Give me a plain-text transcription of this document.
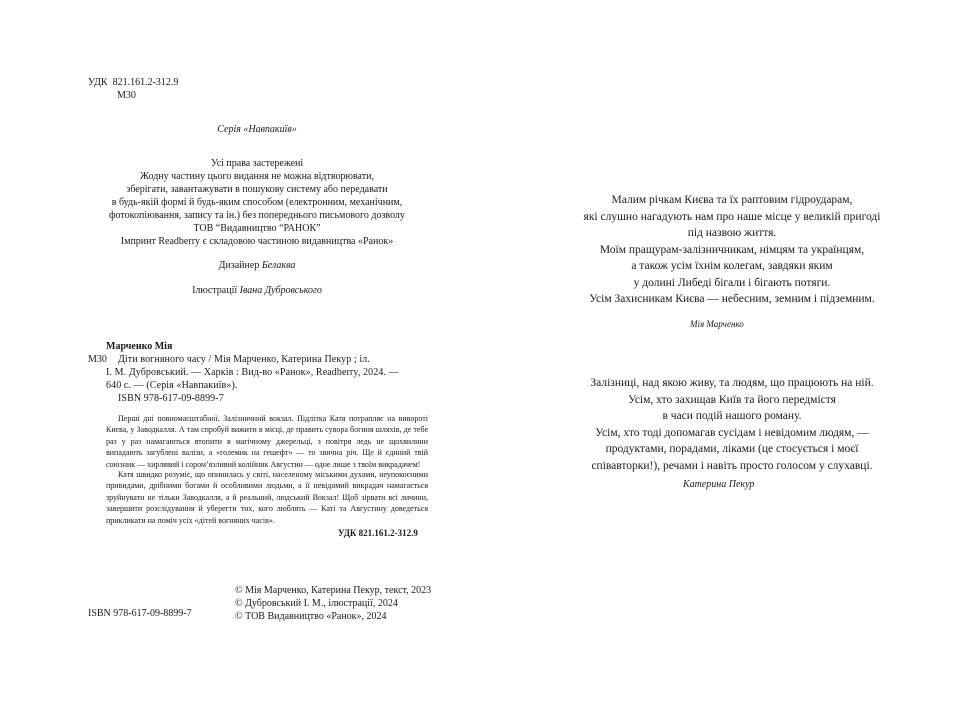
УДК 821.161.2-312.9
М30
Серія «Навпакиїв»
Усі права застережені
Жодну частину цього видання не можна відтворювати,
зберігати, завантажувати в пошукову систему або передавати
в будь-якій формі й будь-яким способом (електронним, механічним,
фотокопіювання, запису та ін.) без попереднього письмового дозволу
ТОВ “Видавництво “РАНОК”
Імпринт Readberry є складовою частиною видавництва «Ранок»
Дизайнер Белаква
Ілюстрації Івана Дубровського
Марченко Мія
М30	Діти вогняного часу / Мія Марченко, Катерина Пекур ; іл.
І. М. Дубровський. — Харків : Вид-во «Ранок», Readberry, 2024. —
640 с. — (Серія «Навпакиїв»).
ISBN 978-617-09-8899-7
Перші дні повномасштабної. Залізничний вокзал. Підлітка Катя потрапляє на вивороті Києва, у Заводкалля. А там спробуй вижити в місці, де править сувора богиня шляхів, де тебе раз у раз намагаються втопити в магічному джерельці, з повітря ледь не щохвилини випадають загублені валізи, а «големик на гешефт» — то звична річ. Ще й єдиний твій союзник — хирлявий і сором’язливий колійник Августин — одне лише з твоїм викрадачем!
Катя швидко розуміє, що опинилась у світі, населеному міськими духами, неупокоєними привидами, дрібними богами й особливими людьми, а її невідомий викрадач намагається зруйнувати не тільки Заводкалля, а й реальний, людський Вокзал! Щоб зірвати всі личини, завершити розслідування й уберегти тих, кого люблять — Каті та Августину доведеться прикликати на поміч усіх «дітей вогняних часів».
УДК 821.161.2-312.9
ISBN 978-617-09-8899-7
© Мія Марченко, Катерина Пекур, текст, 2023
© Дубровський І. М., ілюстрації, 2024
© ТОВ Видавництво «Ранок», 2024
Малим річкам Києва та їх раптовим гідроударам,
які слушно нагадують нам про наше місце у великій пригоді
під назвою життя.
Моїм пращурам-залізничникам, німцям та українцям,
а також усім їхнім колегам, завдяки яким
у долині Либеді бігали і бігають потяги.
Усім Захисникам Києва — небесним, земним і підземним.
Мія Марченко
Залізниці, над якою живу, та людям, що працюють на ній.
Усім, хто захищав Київ та його передмістя
в часи подій нашого роману.
Усім, хто тоді допомагав сусідам і невідомим людям, —
продуктами, порадами, ліками (це стосується і моєї
співавторки!), речами і навіть просто голосом у слухавці.
Катерина Пекур
